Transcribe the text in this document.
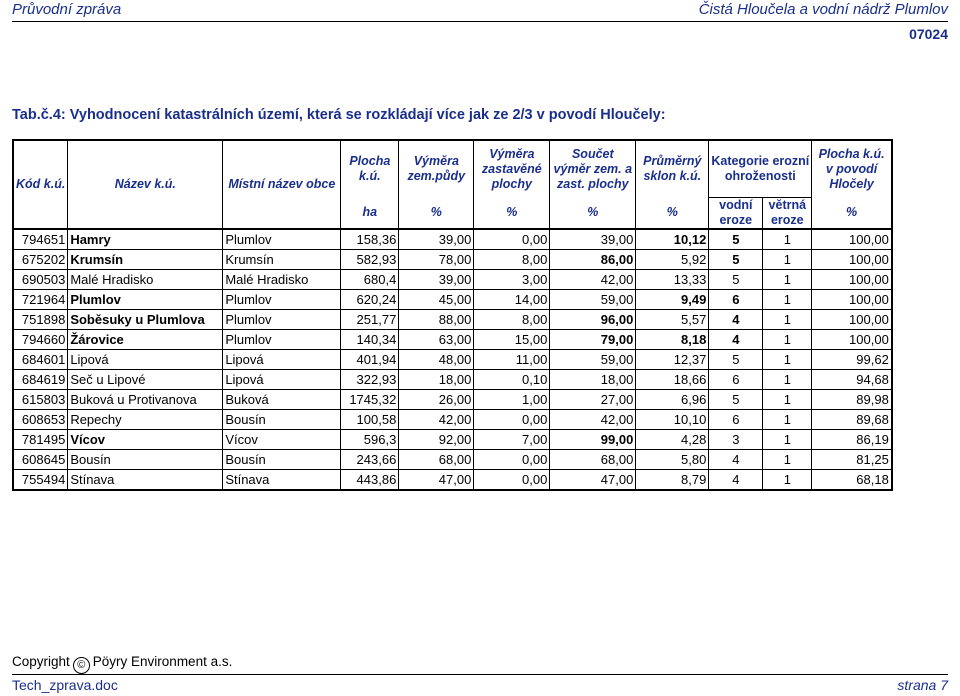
Průvodní zpráva	Čistá Hloučela a vodní nádrž Plumlov
07024
Tab.č.4: Vyhodnocení katastrálních území, která se rozkládají více jak ze 2/3 v povodí Hloučely:
Kód k.ú.	Název k.ú.	Místní název obce	Plocha k.ú.	Výměra zem.půdy	Výměra zastavěné plochy	Součet výměr zem. a zast. plochy	Průměrný sklon k.ú.	Kategorie erozní ohroženosti		Plocha k.ú. v povodí Hločely
			ha	%	%	%	%	vodní eroze	větrná eroze	%
794651	Hamry	Plumlov	158,36	39,00	0,00	39,00	10,12	5	1	100,00
675202	Krumsín	Krumsín	582,93	78,00	8,00	86,00	5,92	5	1	100,00
690503	Malé Hradisko	Malé Hradisko	680,4	39,00	3,00	42,00	13,33	5	1	100,00
721964	Plumlov	Plumlov	620,24	45,00	14,00	59,00	9,49	6	1	100,00
751898	Soběsuky u Plumlova	Plumlov	251,77	88,00	8,00	96,00	5,57	4	1	100,00
794660	Žárovice	Plumlov	140,34	63,00	15,00	79,00	8,18	4	1	100,00
684601	Lipová	Lipová	401,94	48,00	11,00	59,00	12,37	5	1	99,62
684619	Seč u Lipové	Lipová	322,93	18,00	0,10	18,00	18,66	6	1	94,68
615803	Buková u Protivanova	Buková	1745,32	26,00	1,00	27,00	6,96	5	1	89,98
608653	Repechy	Bousín	100,58	42,00	0,00	42,00	10,10	6	1	89,68
781495	Vícov	Vícov	596,3	92,00	7,00	99,00	4,28	3	1	86,19
608645	Bousín	Bousín	243,66	68,00	0,00	68,00	5,80	4	1	81,25
755494	Stínava	Stínava	443,86	47,00	0,00	47,00	8,79	4	1	68,18
Copyright © Pöyry Environment a.s.
Tech_zprava.doc	strana 7
